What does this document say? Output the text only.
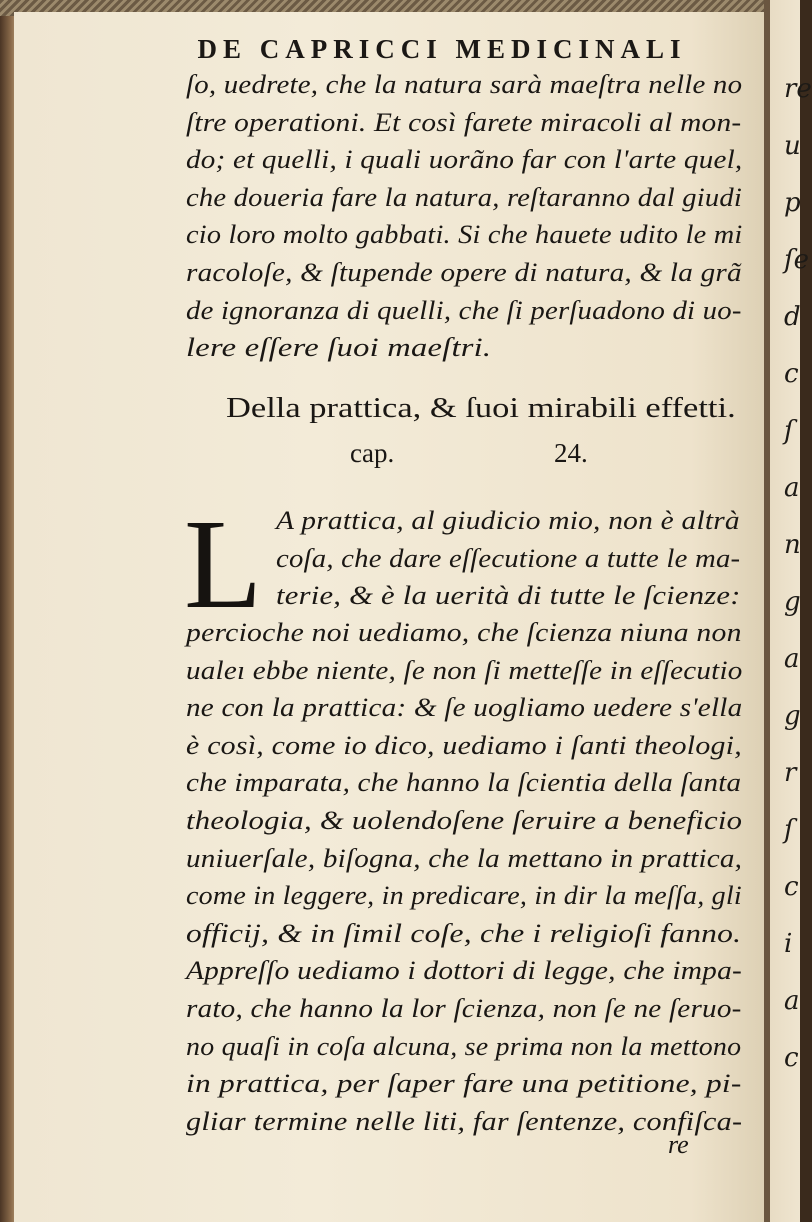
re
u
p
ſe
d
c
ſ
a
n
g
a
g
r
ſ
c
i
a
c
DE CAPRICCI MEDICINALI
ſo, uedrete, che la natura sarà maeſtra nelle no
ſtre operationi. Et così farete miracoli al mon-
do; et quelli, i quali uorãno far con l'arte quel,
che doueria fare la natura, reſtaranno dal giudi
cio loro molto gabbati. Si che hauete udito le mi
racoloſe, & ſtupende opere di natura, & la grã
de ignoranza di quelli, che ſi perſuadono di uo-
lere eſſere ſuoi maeſtri.
Della prattica, & ſuoi mirabili effetti.
cap.	24.
L A prattica, al giudicio mio, non è altrà
coſa, che dare eſſecutione a tutte le ma-
terie, & è la uerità di tutte le ſcienze:
percioche noi uediamo, che ſcienza niuna non
ualeı ebbe niente, ſe non ſi metteſſe in eſſecutio
ne con la prattica: & ſe uogliamo uedere s'ella
è così, come io dico, uediamo i ſanti theologi,
che imparata, che hanno la ſcientia della ſanta
theologia, & uolendoſene ſeruire a beneficio
uniuerſale, biſogna, che la mettano in prattica,
come in leggere, in predicare, in dir la meſſa, gli
officij, & in ſimil coſe, che i religioſi fanno.
Appreſſo uediamo i dottori di legge, che impa-
rato, che hanno la lor ſcienza, non ſe ne ſeruo-
no quaſi in coſa alcuna, se prima non la mettono
in prattica, per ſaper fare una petitione, pi-
gliar termine nelle liti, far ſentenze, confiſca-
re
